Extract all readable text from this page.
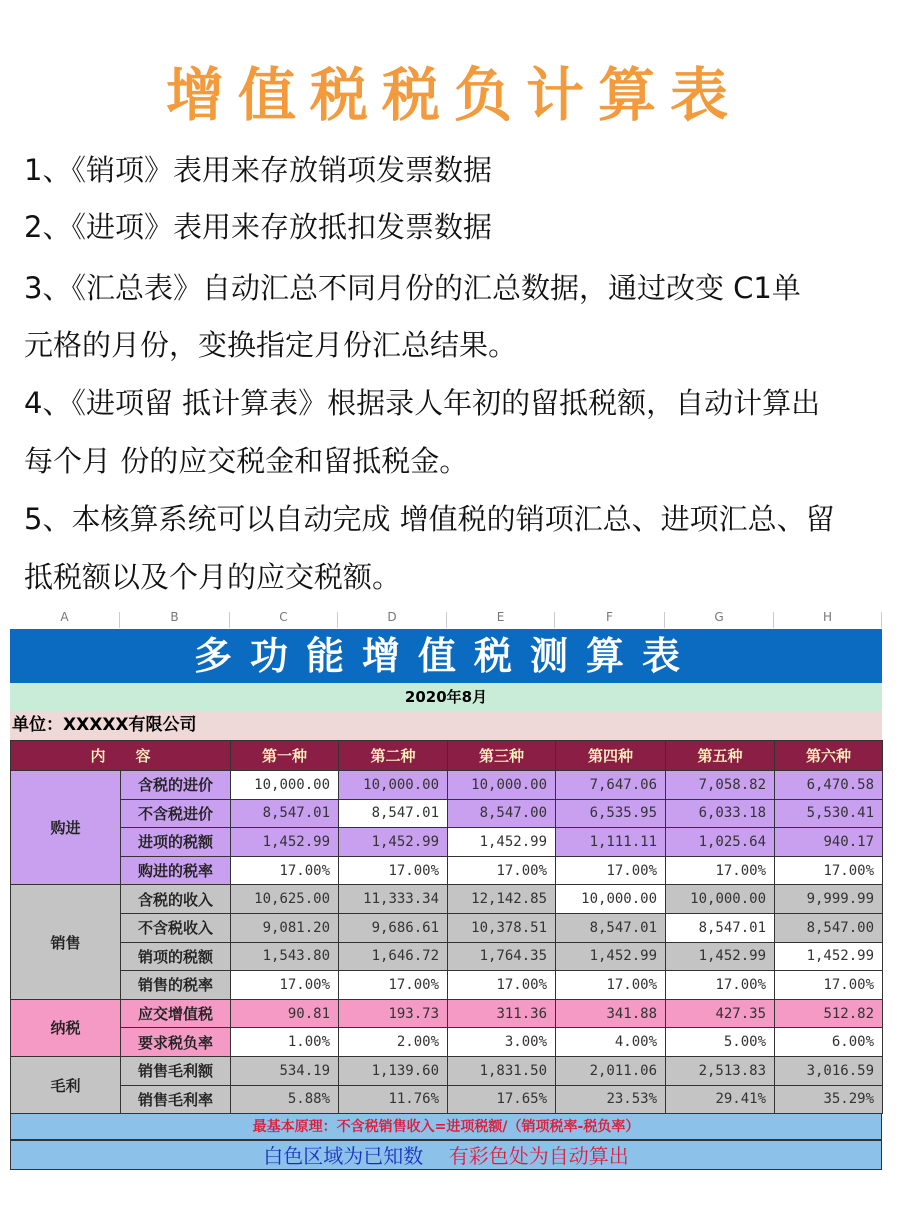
增值税税负计算表
1、《销项》表用来存放销项发票数据
2、《进项》表用来存放抵扣发票数据
3、《汇总表》自动汇总不同月份的汇总数据，通过改变 C1单
元格的月份，变换指定月份汇总结果。
4、《进项留 抵计算表》根据录人年初的留抵税额，自动计算出
每个月 份的应交税金和留抵税金。
5、本核算系统可以自动完成 增值税的销项汇总、进项汇总、留
抵税额以及个月的应交税额。
A	B	C	D	E	F	G	H
多功能增值税测算表
2020年8月
单位：XXXXX有限公司
内　　容		第一种	第二种	第三种	第四种	第五种	第六种
购进	含税的进价	10,000.00	10,000.00	10,000.00	7,647.06	7,058.82	6,470.58
	不含税进价	8,547.01	8,547.01	8,547.00	6,535.95	6,033.18	5,530.41
	进项的税额	1,452.99	1,452.99	1,452.99	1,111.11	1,025.64	940.17
	购进的税率	17.00%	17.00%	17.00%	17.00%	17.00%	17.00%
销售	含税的收入	10,625.00	11,333.34	12,142.85	10,000.00	10,000.00	9,999.99
	不含税收入	9,081.20	9,686.61	10,378.51	8,547.01	8,547.01	8,547.00
	销项的税额	1,543.80	1,646.72	1,764.35	1,452.99	1,452.99	1,452.99
	销售的税率	17.00%	17.00%	17.00%	17.00%	17.00%	17.00%
纳税	应交增值税	90.81	193.73	311.36	341.88	427.35	512.82
	要求税负率	1.00%	2.00%	3.00%	4.00%	5.00%	6.00%
毛利	销售毛利额	534.19	1,139.60	1,831.50	2,011.06	2,513.83	3,016.59
	销售毛利率	5.88%	11.76%	17.65%	23.53%	29.41%	35.29%
最基本原理：不含税销售收入=进项税额/（销项税率-税负率）
白色区域为已知数 有彩色处为自动算出
